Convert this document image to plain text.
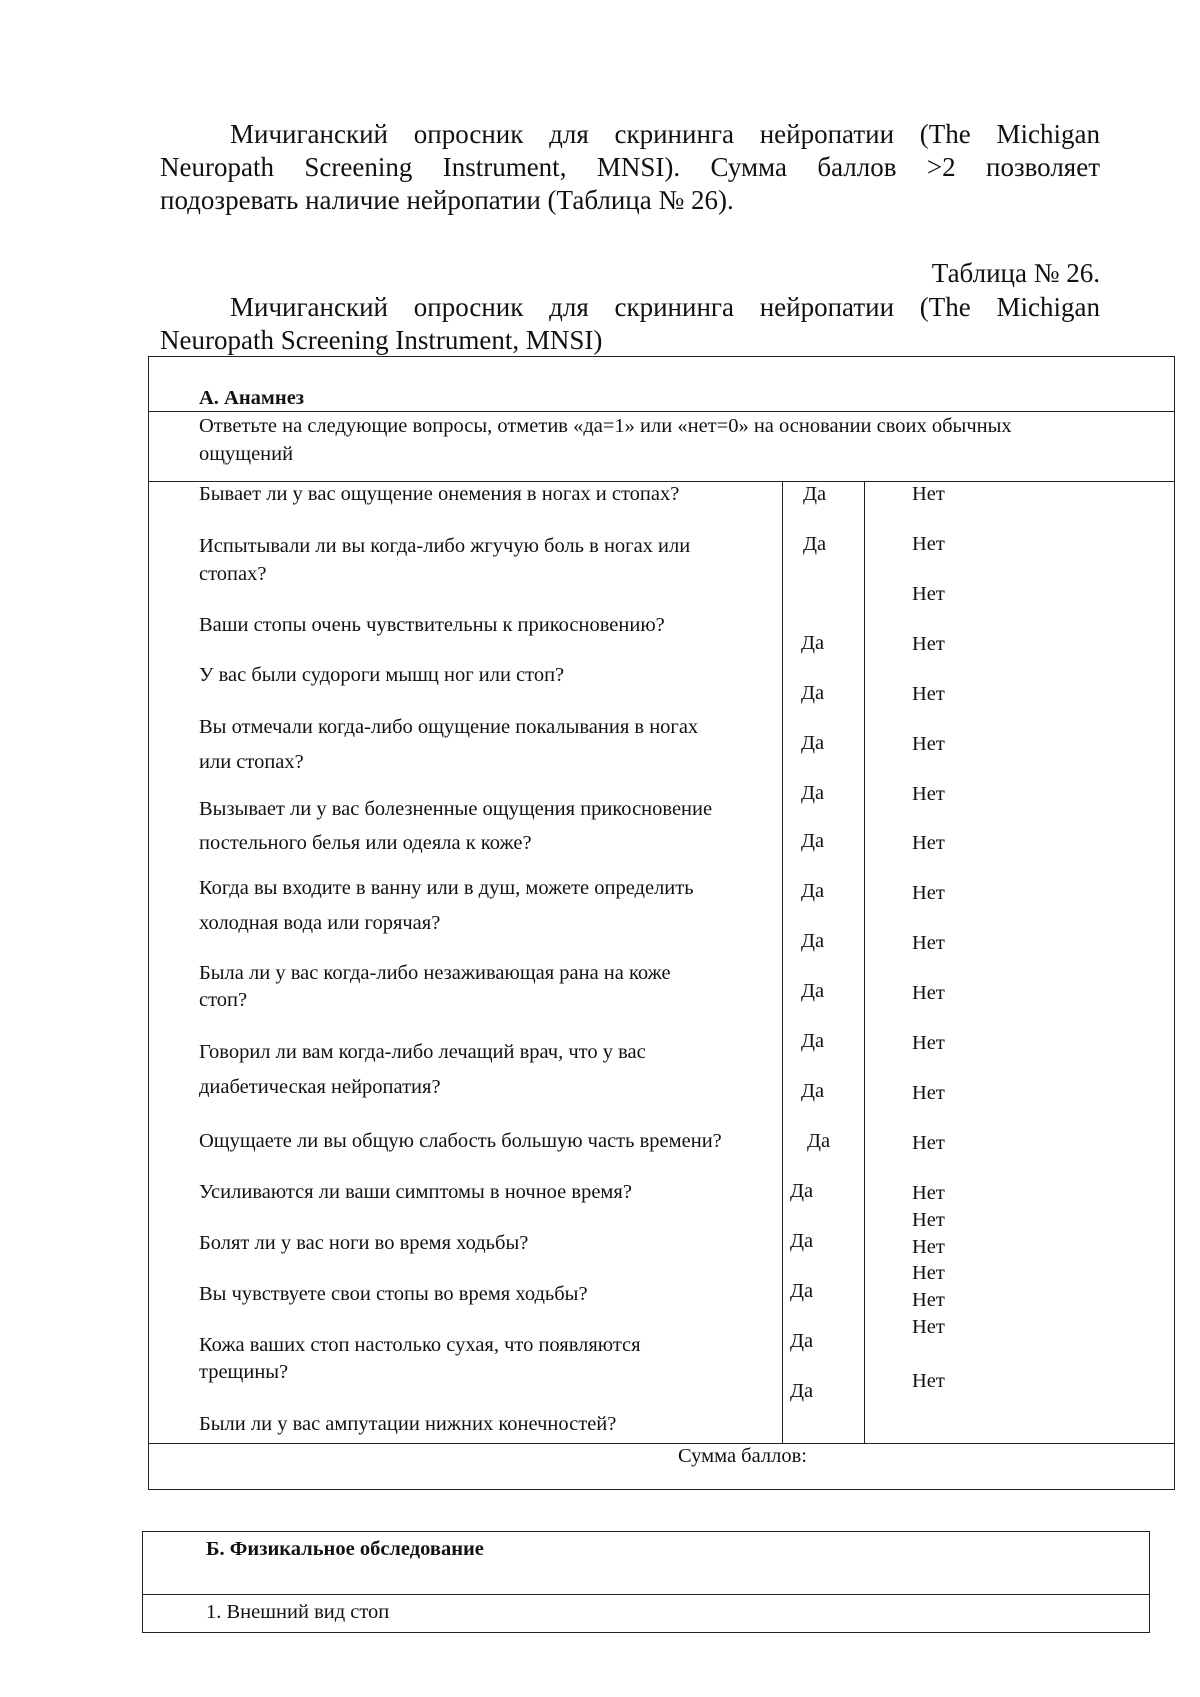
Мичиганский опросник для скрининга нейропатии (The Michigan
Neuropath Screening Instrument, MNSI). Сумма баллов >2 позволяет
подозревать наличие нейропатии (Таблица № 26).
Таблица № 26.
Мичиганский опросник для скрининга нейропатии (The Michigan
Neuropath Screening Instrument, MNSI)
А. Анамнез
Ответьте на следующие вопросы, отметив «да=1» или «нет=0» на основании своих обычных
ощущений
Бывает ли у вас ощущение онемения в ногах и стопах?
Испытывали ли вы когда-либо жгучую боль в ногах или
стопах?
Ваши стопы очень чувствительны к прикосновению?
У вас были судороги мышц ног или стоп?
Вы отмечали когда-либо ощущение покалывания в ногах
или стопах?
Вызывает ли у вас болезненные ощущения прикосновение
постельного белья или одеяла к коже?
Когда вы входите в ванну или в душ, можете определить
холодная вода или горячая?
Была ли у вас когда-либо незаживающая рана на коже
стоп?
Говорил ли вам когда-либо лечащий врач, что у вас
диабетическая нейропатия?
Ощущаете ли вы общую слабость большую часть времени?
Усиливаются ли ваши симптомы в ночное время?
Болят ли у вас ноги во время ходьбы?
Вы чувствуете свои стопы во время ходьбы?
Кожа ваших стоп настолько сухая, что появляются
трещины?
Были ли у вас ампутации нижних конечностей?
Да
Да
Да
Да
Да
Да
Да
Да
Да
Да
Да
Да
Да
Да
Да
Да
Да
Да
Нет
Нет
Нет
Нет
Нет
Нет
Нет
Нет
Нет
Нет
Нет
Нет
Нет
Нет
Нет
Нет
Нет
Нет
Нет
Нет
Нет
Сумма баллов:
Б. Физикальное обследование
1. Внешний вид стоп
